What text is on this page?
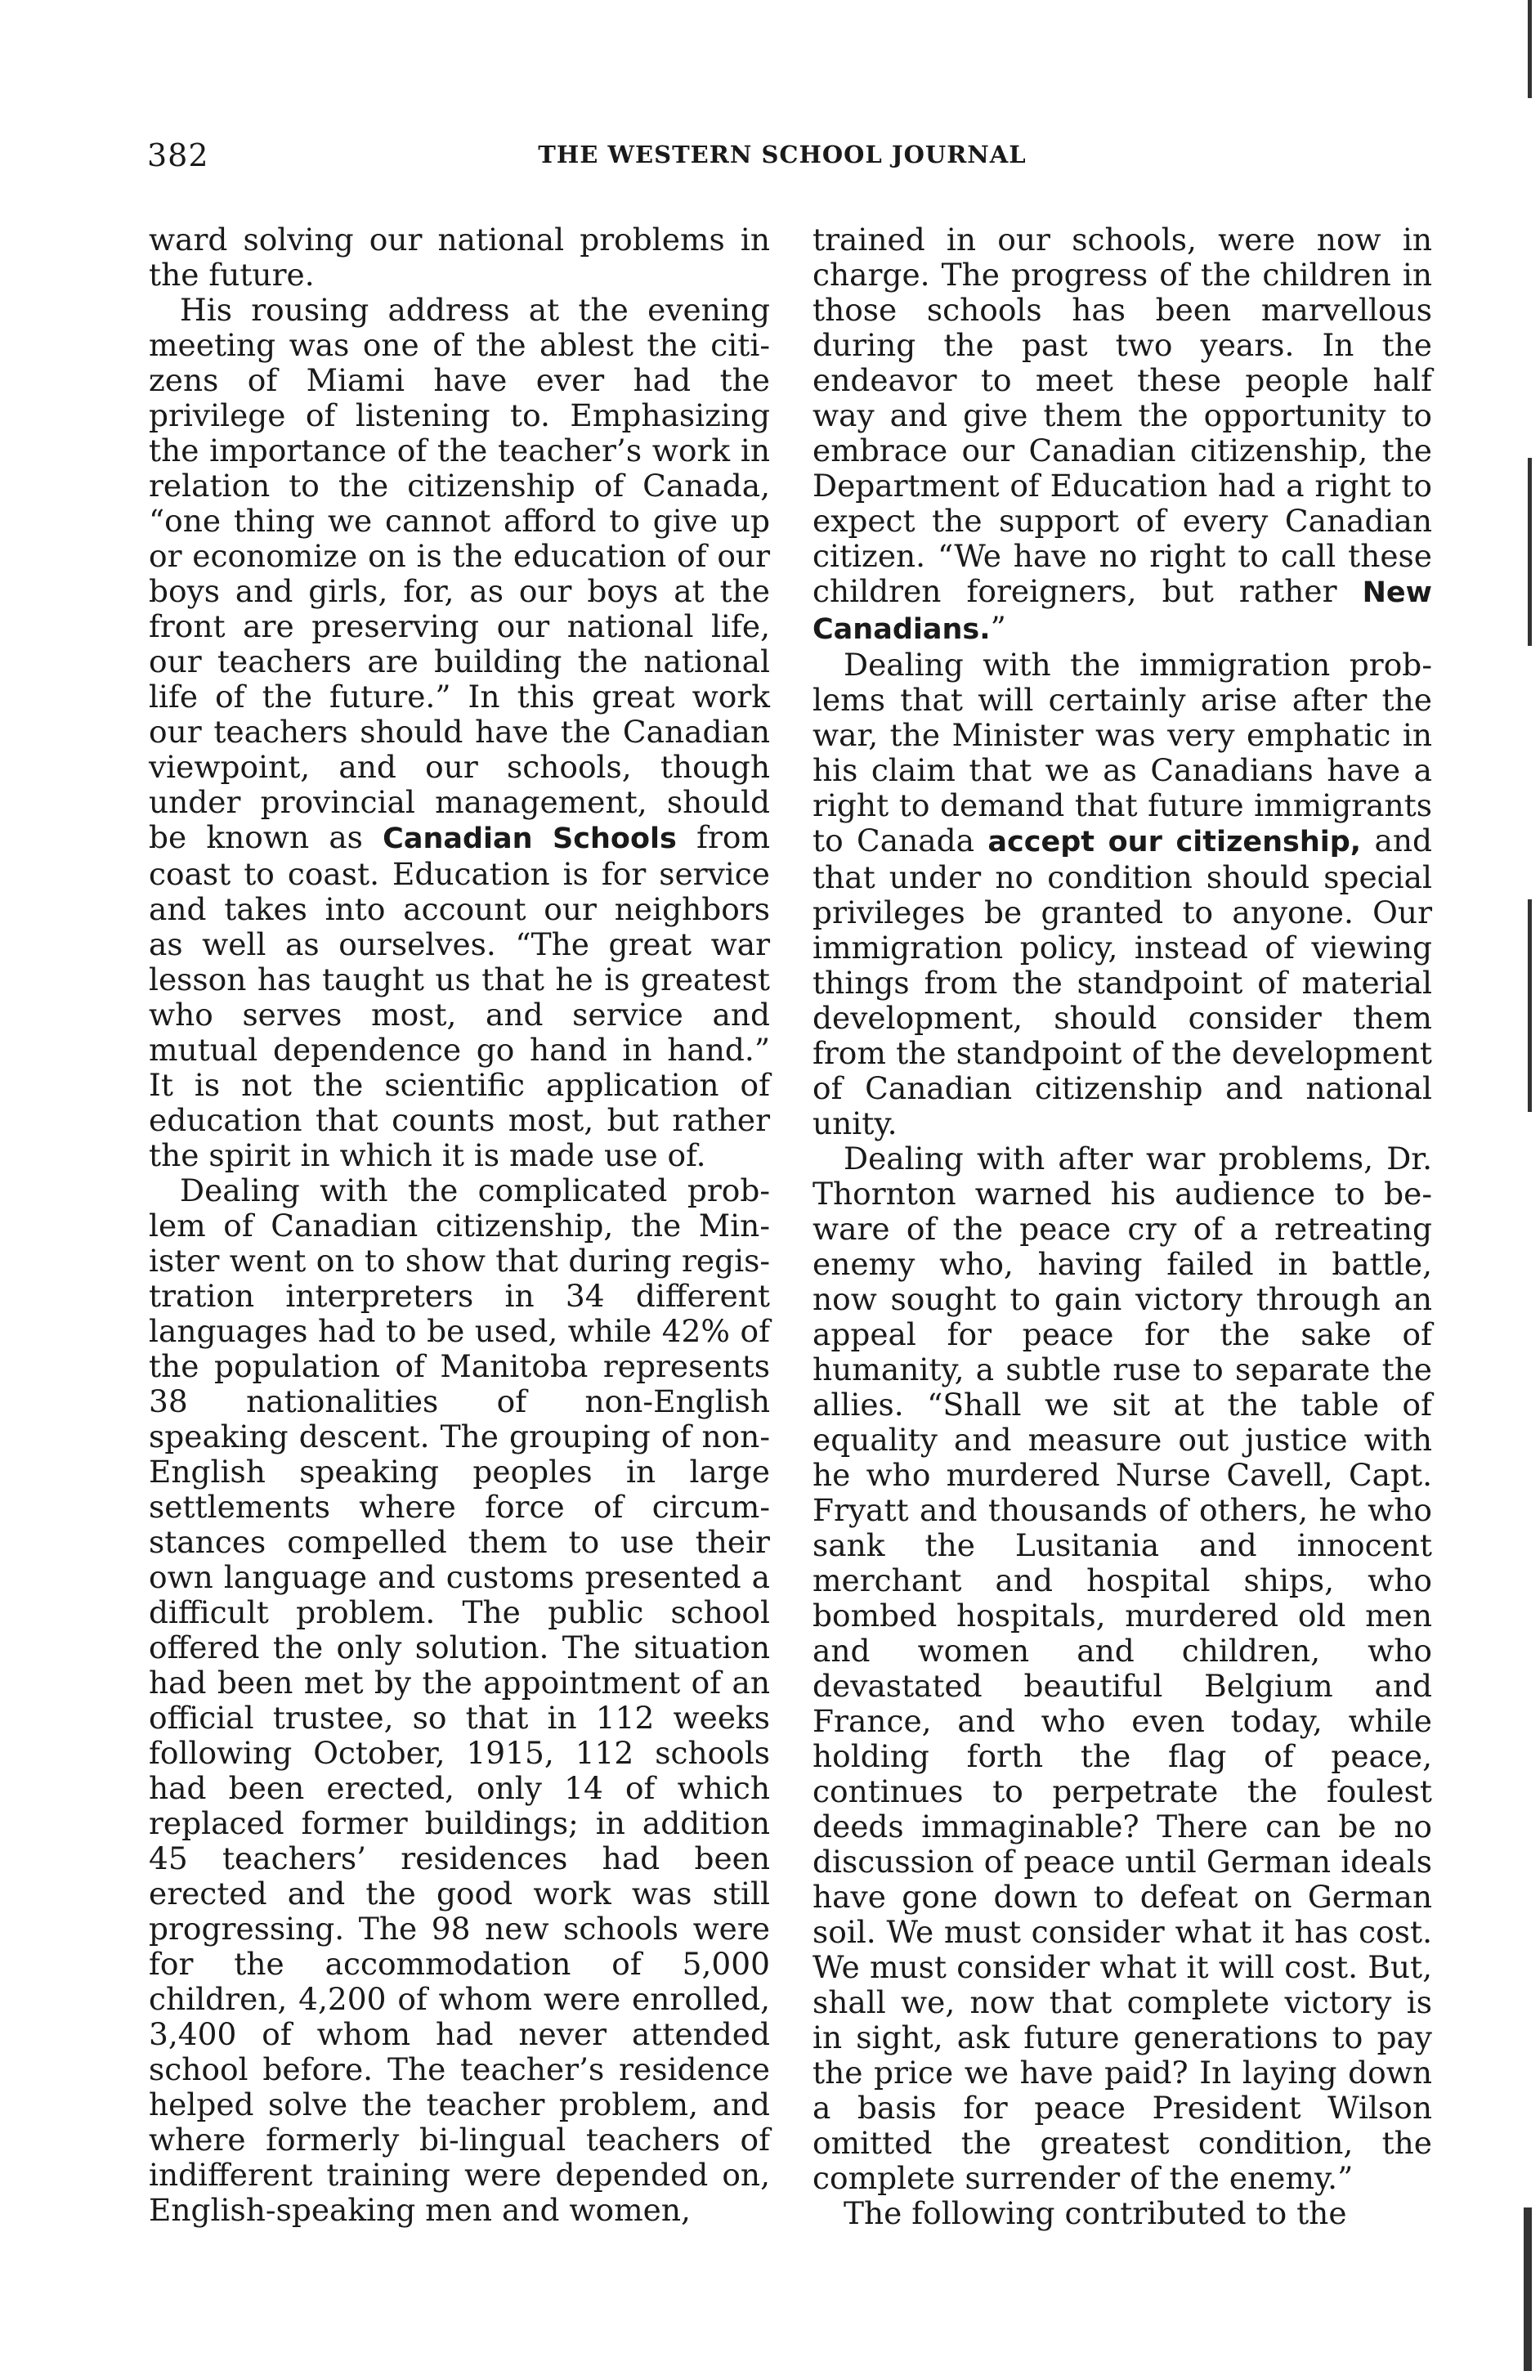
382	THE WESTERN SCHOOL JOURNAL

ward solving our national problems in the future.

His rousing address at the evening meeting was one of the ablest the citizens of Miami have ever had the privilege of listening to. Emphasizing the importance of the teacher’s work in relation to the citizenship of Canada, “one thing we cannot afford to give up or economize on is the education of our boys and girls, for, as our boys at the front are preserving our national life, our teachers are building the national life of the future.” In this great work our teachers should have the Canadian viewpoint, and our schools, though under provincial management, should be known as Canadian Schools from coast to coast. Education is for service and takes into account our neighbors as well as ourselves. “The great war lesson has taught us that he is greatest who serves most, and service and mutual dependence go hand in hand.” It is not the scientific application of education that counts most, but rather the spirit in which it is made use of.

Dealing with the complicated problem of Canadian citizenship, the Minister went on to show that during registration interpreters in 34 different languages had to be used, while 42% of the population of Manitoba represents 38 nationalities of non-English speaking descent. The grouping of non-English speaking peoples in large settlements where force of circumstances compelled them to use their own language and customs presented a difficult problem. The public school offered the only solution. The situation had been met by the appointment of an official trustee, so that in 112 weeks following October, 1915, 112 schools had been erected, only 14 of which replaced former buildings; in addition 45 teachers’ residences had been erected and the good work was still progressing. The 98 new schools were for the accommodation of 5,000 children, 4,200 of whom were enrolled, 3,400 of whom had never attended school before. The teacher’s residence helped solve the teacher problem, and where formerly bi-lingual teachers of indifferent training were depended on, English-speaking men and women,

trained in our schools, were now in charge. The progress of the children in those schools has been marvellous during the past two years. In the endeavor to meet these people half way and give them the opportunity to embrace our Canadian citizenship, the Department of Education had a right to expect the support of every Canadian citizen. “We have no right to call these children foreigners, but rather New Canadians.”

Dealing with the immigration problems that will certainly arise after the war, the Minister was very emphatic in his claim that we as Canadians have a right to demand that future immigrants to Canada accept our citizenship, and that under no condition should special privileges be granted to anyone. Our immigration policy, instead of viewing things from the standpoint of material development, should consider them from the standpoint of the development of Canadian citizenship and national unity.

Dealing with after war problems, Dr. Thornton warned his audience to beware of the peace cry of a retreating enemy who, having failed in battle, now sought to gain victory through an appeal for peace for the sake of humanity, a subtle ruse to separate the allies. “Shall we sit at the table of equality and measure out justice with he who murdered Nurse Cavell, Capt. Fryatt and thousands of others, he who sank the Lusitania and innocent merchant and hospital ships, who bombed hospitals, murdered old men and women and children, who devastated beautiful Belgium and France, and who even today, while holding forth the flag of peace, continues to perpetrate the foulest deeds immaginable? There can be no discussion of peace until German ideals have gone down to defeat on German soil. We must consider what it has cost. We must consider what it will cost. But, shall we, now that complete victory is in sight, ask future generations to pay the price we have paid? In laying down a basis for peace President Wilson omitted the greatest condition, the complete surrender of the enemy.”

The following contributed to the
